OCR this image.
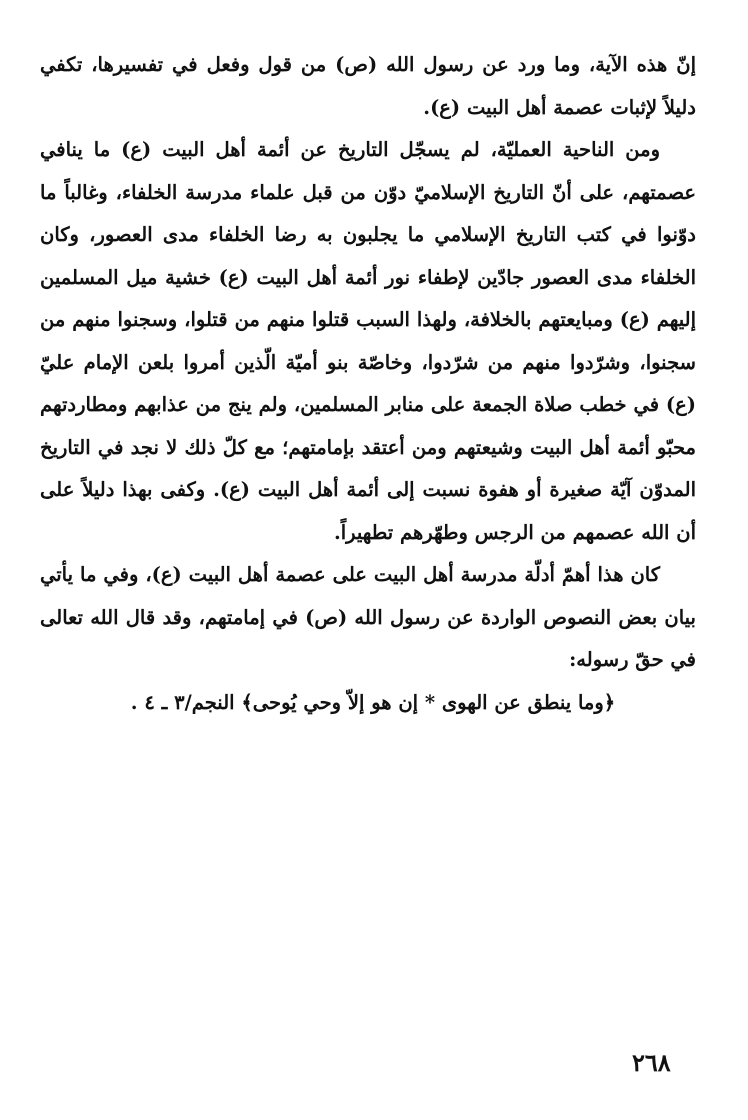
إنّ هذه الآية، وما ورد عن رسول الله (ص) من قول وفعل في تفسيرها، تكفي دليلاً لإثبات عصمة أهل البيت (ع).

ومن الناحية العمليّة، لم يسجّل التاريخ عن أئمة أهل البيت (ع) ما ينافي عصمتهم، على أنّ التاريخ الإسلاميّ دوّن من قبل علماء مدرسة الخلفاء، وغالباً ما دوّنوا في كتب التاريخ الإسلامي ما يجلبون به رضا الخلفاء مدى العصور، وكان الخلفاء مدى العصور جادّين لإطفاء نور أئمة أهل البيت (ع) خشية ميل المسلمين إليهم (ع) ومبايعتهم بالخلافة، ولهذا السبب قتلوا منهم من قتلوا، وسجنوا منهم من سجنوا، وشرّدوا منهم من شرّدوا، وخاصّة بنو أميّة الّذين أمروا بلعن الإمام عليّ (ع) في خطب صلاة الجمعة على منابر المسلمين، ولم ينج من عذابهم ومطاردتهم محبّو أئمة أهل البيت وشيعتهم ومن أعتقد بإمامتهم؛ مع كلّ ذلك لا نجد في التاريخ المدوّن آيّة صغيرة أو هفوة نسبت إلى أئمة أهل البيت (ع). وكفى بهذا دليلاً على أن الله عصمهم من الرجس وطهّرهم تطهيراً.

كان هذا أهمّ أدلّة مدرسة أهل البيت على عصمة أهل البيت (ع)، وفي ما يأتي بيان بعض النصوص الواردة عن رسول الله (ص) في إمامتهم، وقد قال الله تعالى في حقّ رسوله:

﴿وما ينطق عن الهوى * إن هو إلاّ وحي يُوحى﴾ النجم/٣ ـ ٤ .

٢٦٨
